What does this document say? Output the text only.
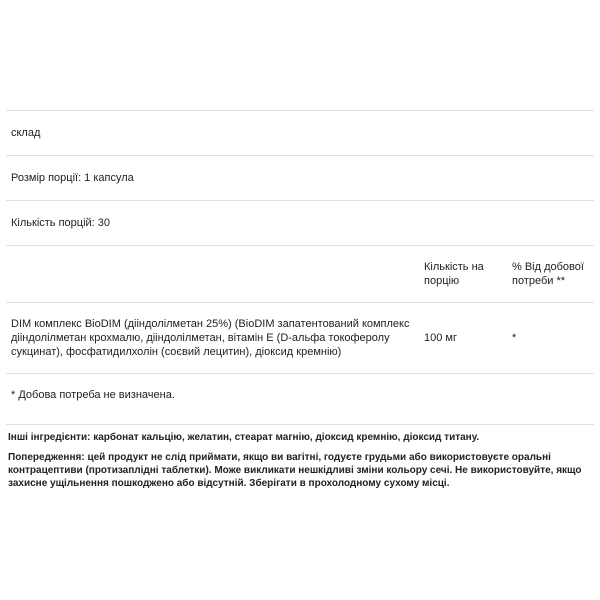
склад
Розмір порції: 1 капсула
Кількість порцій: 30
Кількість на порцію
% Від добової потреби **
DIM комплекс BioDIM (дііндолілметан 25%) (BioDIM запатентований комплекс дііндолілметан крохмалю, дііндолілметан, вітамін Е (D-альфа токоферолу сукцинат), фосфатидилхолін (соєвий лецитин), діоксид кремнію)
100 мг	*
* Добова потреба не визначена.

Інші інгредієнти: карбонат кальцію, желатин, стеарат магнію, діоксид кремнію, діоксид титану.

Попередження: цей продукт не слід приймати, якщо ви вагітні, годуєте грудьми або використовуєте оральні контрацептиви (протизаплідні таблетки). Може викликати нешкідливі зміни кольору сечі. Не використовуйте, якщо захисне ущільнення пошкоджено або відсутній. Зберігати в прохолодному сухому місці.
